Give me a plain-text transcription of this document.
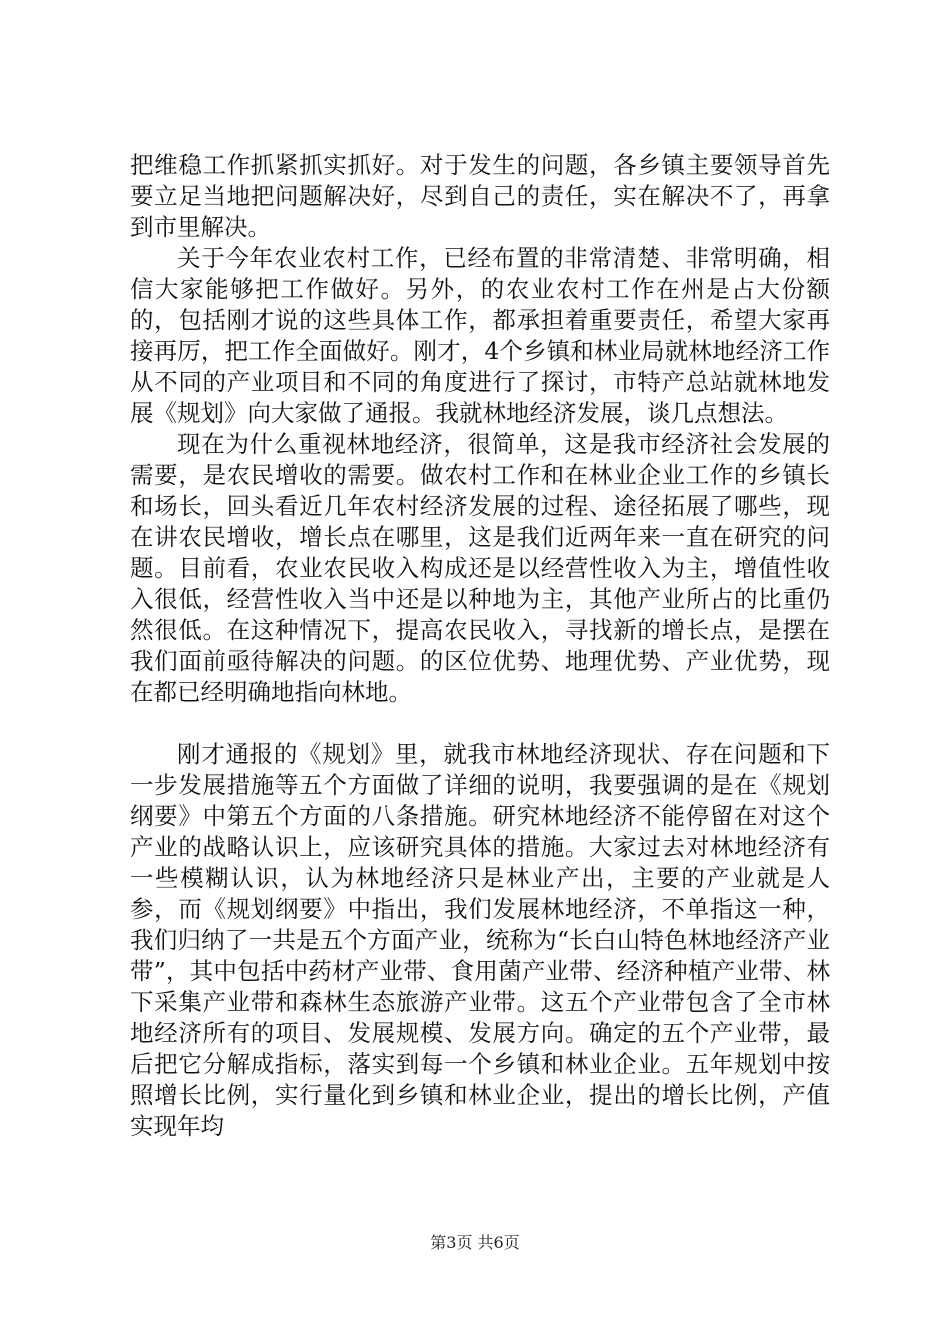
把维稳工作抓紧抓实抓好。对于发生的问题，各乡镇主要领导首先要立足当地把问题解决好，尽到自己的责任，实在解决不了，再拿到市里解决。

关于今年农业农村工作，已经布置的非常清楚、非常明确，相信大家能够把工作做好。另外，的农业农村工作在州是占大份额的，包括刚才说的这些具体工作，都承担着重要责任，希望大家再接再厉，把工作全面做好。刚才，4个乡镇和林业局就林地经济工作从不同的产业项目和不同的角度进行了探讨，市特产总站就林地发展《规划》向大家做了通报。我就林地经济发展，谈几点想法。

现在为什么重视林地经济，很简单，这是我市经济社会发展的需要，是农民增收的需要。做农村工作和在林业企业工作的乡镇长和场长，回头看近几年农村经济发展的过程、途径拓展了哪些，现在讲农民增收，增长点在哪里，这是我们近两年来一直在研究的问题。目前看，农业农民收入构成还是以经营性收入为主，增值性收入很低，经营性收入当中还是以种地为主，其他产业所占的比重仍然很低。在这种情况下，提高农民收入，寻找新的增长点，是摆在我们面前亟待解决的问题。的区位优势、地理优势、产业优势，现在都已经明确地指向林地。

刚才通报的《规划》里，就我市林地经济现状、存在问题和下一步发展措施等五个方面做了详细的说明，我要强调的是在《规划纲要》中第五个方面的八条措施。研究林地经济不能停留在对这个产业的战略认识上，应该研究具体的措施。大家过去对林地经济有一些模糊认识，认为林地经济只是林业产出，主要的产业就是人参，而《规划纲要》中指出，我们发展林地经济，不单指这一种，我们归纳了一共是五个方面产业，统称为“长白山特色林地经济产业带”，其中包括中药材产业带、食用菌产业带、经济种植产业带、林下采集产业带和森林生态旅游产业带。这五个产业带包含了全市林地经济所有的项目、发展规模、发展方向。确定的五个产业带，最后把它分解成指标，落实到每一个乡镇和林业企业。五年规划中按照增长比例，实行量化到乡镇和林业企业，提出的增长比例，产值实现年均

第3页 共6页
